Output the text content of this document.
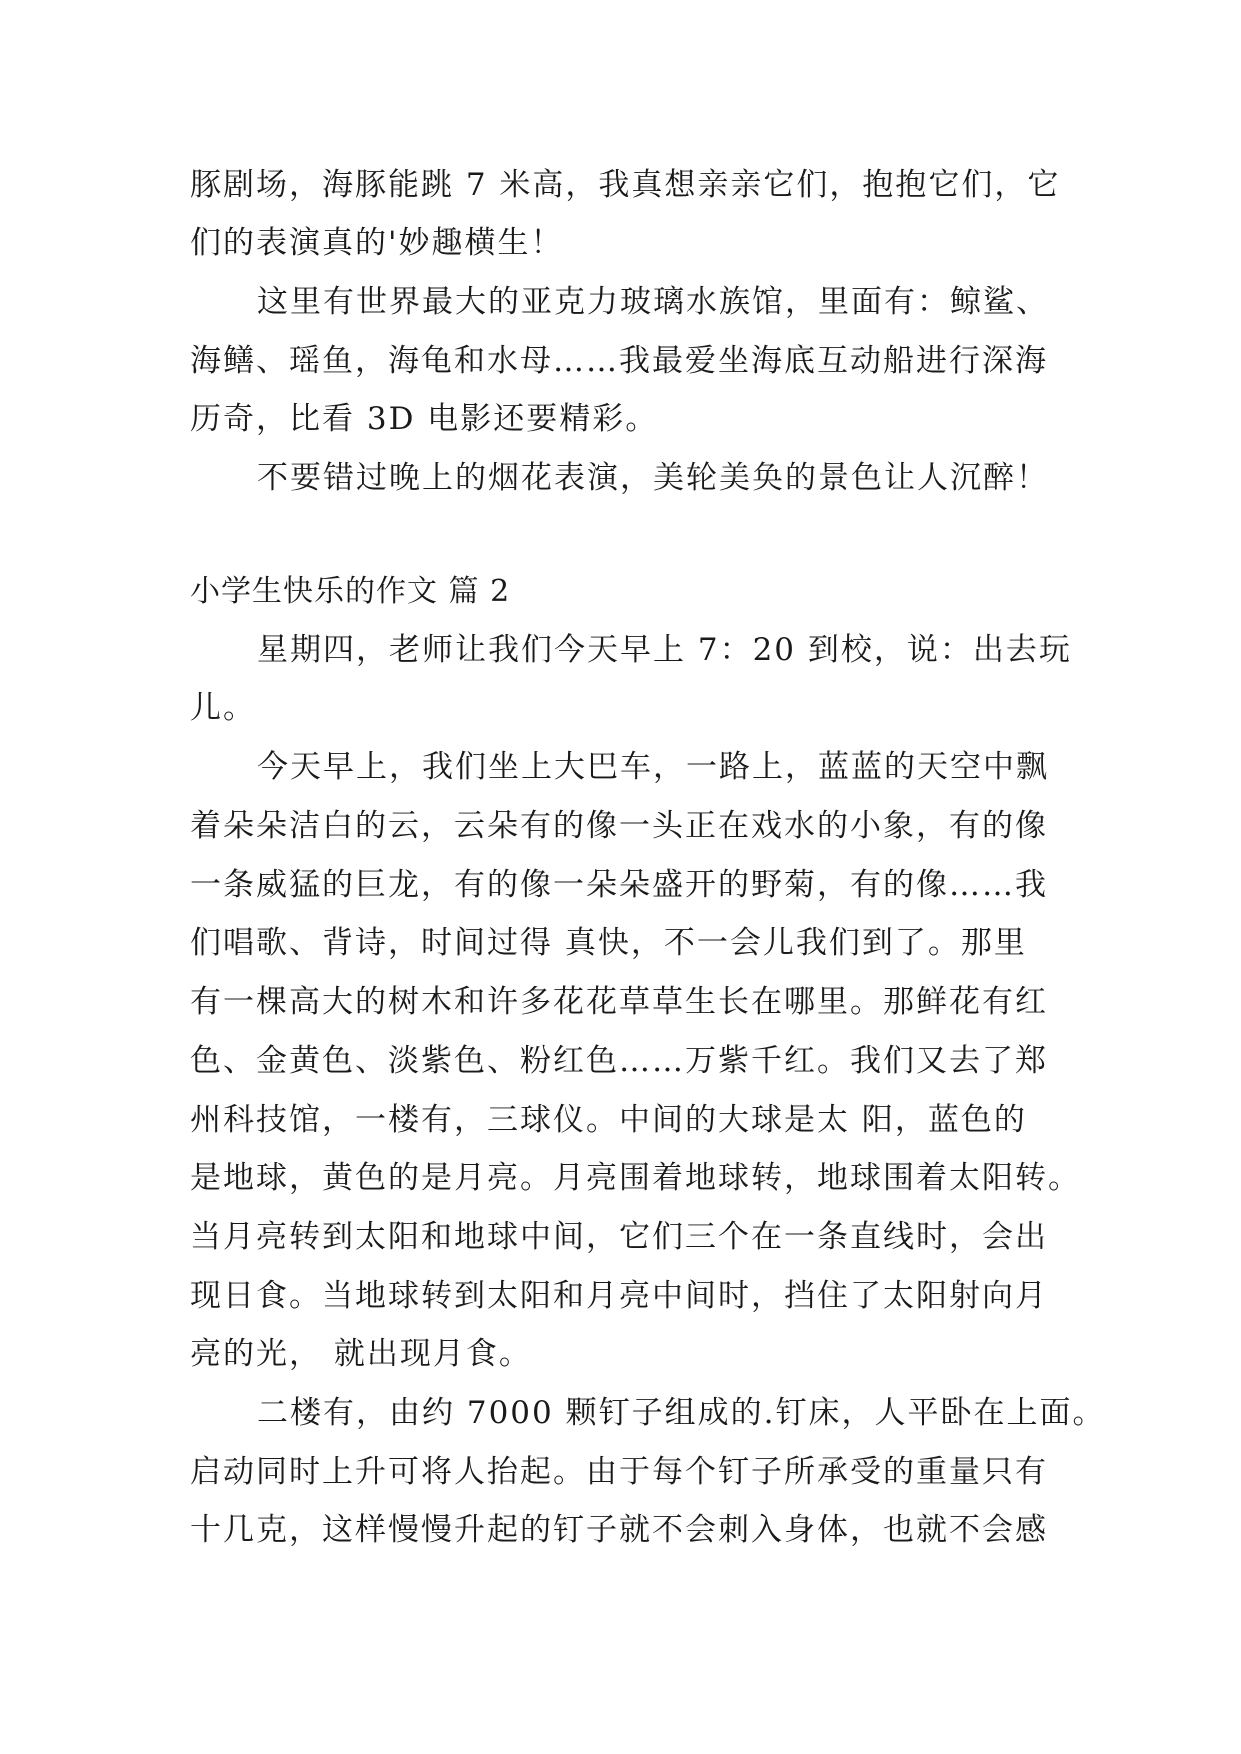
豚剧场，海豚能跳 7 米高，我真想亲亲它们，抱抱它们，它
们的表演真的'妙趣横生！
这里有世界最大的亚克力玻璃水族馆，里面有：鲸鲨、
海鳝、瑶鱼，海龟和水母……我最爱坐海底互动船进行深海
历奇，比看 3D 电影还要精彩。
不要错过晚上的烟花表演，美轮美奂的景色让人沉醉！
小学生快乐的作文 篇 2
星期四，老师让我们今天早上 7：20 到校，说：出去玩
儿。
今天早上，我们坐上大巴车，一路上，蓝蓝的天空中飘
着朵朵洁白的云，云朵有的像一头正在戏水的小象，有的像
一条威猛的巨龙，有的像一朵朵盛开的野菊，有的像……我
们唱歌、背诗，时间过得 真快，不一会儿我们到了。那里
有一棵高大的树木和许多花花草草生长在哪里。那鲜花有红
色、金黄色、淡紫色、粉红色……万紫千红。我们又去了郑
州科技馆，一楼有，三球仪。中间的大球是太 阳，蓝色的
是地球，黄色的是月亮。月亮围着地球转，地球围着太阳转。
当月亮转到太阳和地球中间，它们三个在一条直线时，会出
现日食。当地球转到太阳和月亮中间时，挡住了太阳射向月
亮的光， 就出现月食。
二楼有，由约 7000 颗钉子组成的.钉床，人平卧在上面。
启动同时上升可将人抬起。由于每个钉子所承受的重量只有
十几克，这样慢慢升起的钉子就不会刺入身体，也就不会感
